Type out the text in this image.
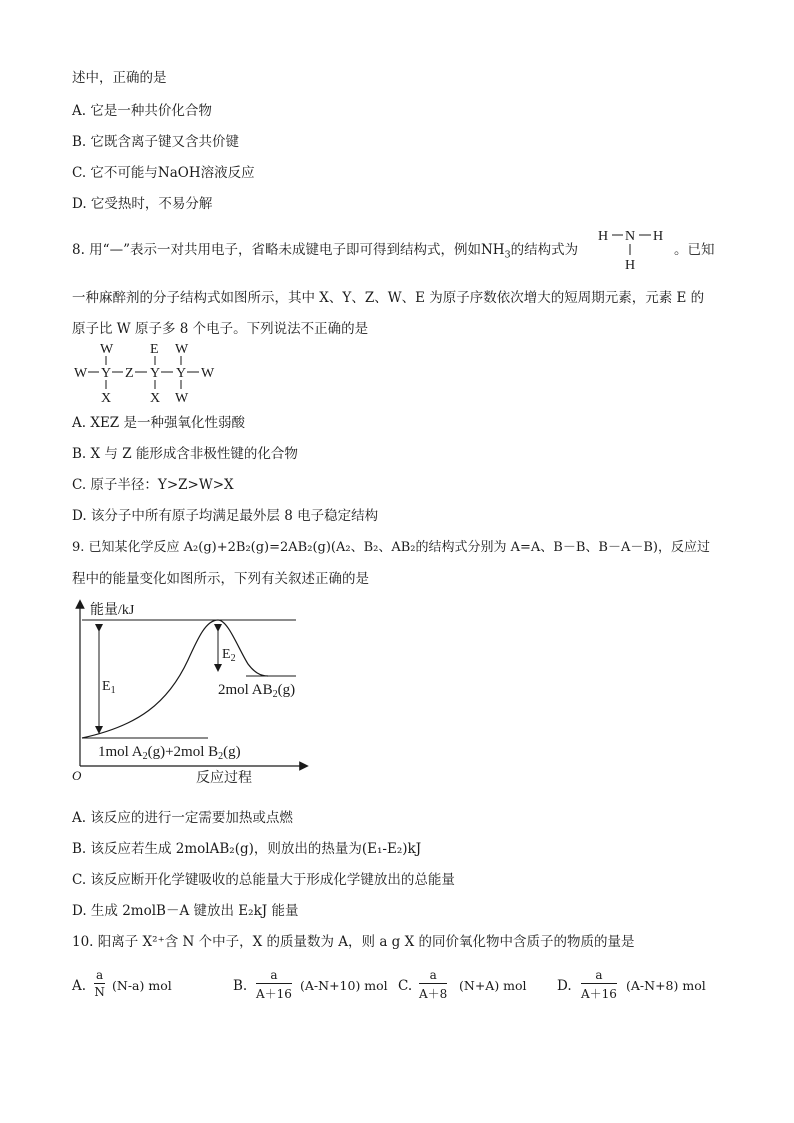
述中，正确的是
A. 它是一种共价化合物
B. 它既含离子键又含共价键
C. 它不可能与NaOH溶液反应
D. 它受热时，不易分解
8. 用“—”表示一对共用电子，省略未成键电子即可得到结构式，例如$NH_3$的结构式为
H N H
H
。已知
一种麻醉剂的分子结构式如图所示，其中 X、Y、Z、W、E 为原子序数依次增大的短周期元素，元素 E 的
原子比 W 原子多 8 个电子。下列说法不正确的是
W	E W
W Y Z Y Y W
X	X W
A. XEZ 是一种强氧化性弱酸
B. X 与 Z 能形成含非极性键的化合物
C. 原子半径：Y>Z>W>X
D. 该分子中所有原子均满足最外层 8 电子稳定结构
9. 已知某化学反应 A₂(g)+2B₂(g)=2AB₂(g)(A₂、B₂、AB₂的结构式分别为 A=A、B－B、B－A－B)，反应过
程中的能量变化如图所示，下列有关叙述正确的是
能量/kJ
O	反应过程
$E_1$
$E_2$
2mol $AB_2(g)$
1mol $A_2(g)+2mol$ $B_2(g)$
A. 该反应的进行一定需要加热或点燃
B. 该反应若生成 2molAB₂(g)，则放出的热量为(E₁-E₂)kJ
C. 该反应断开化学键吸收的总能量大于形成化学键放出的总能量
D. 生成 2molB－A 键放出 E₂kJ 能量
10. 阳离子 X²⁺含 N 个中子，X 的质量数为 A，则 a g X 的同价氧化物中含质子的物质的量是
A. $\frac{a}{N} (N-a)$ mol	B. $\frac{a}{A+16} (A-N+10)$ mol C. $\frac{a}{A+8} (N+A)$ mol D. $\frac{a}{A+16} (A-N+8)$ mol
